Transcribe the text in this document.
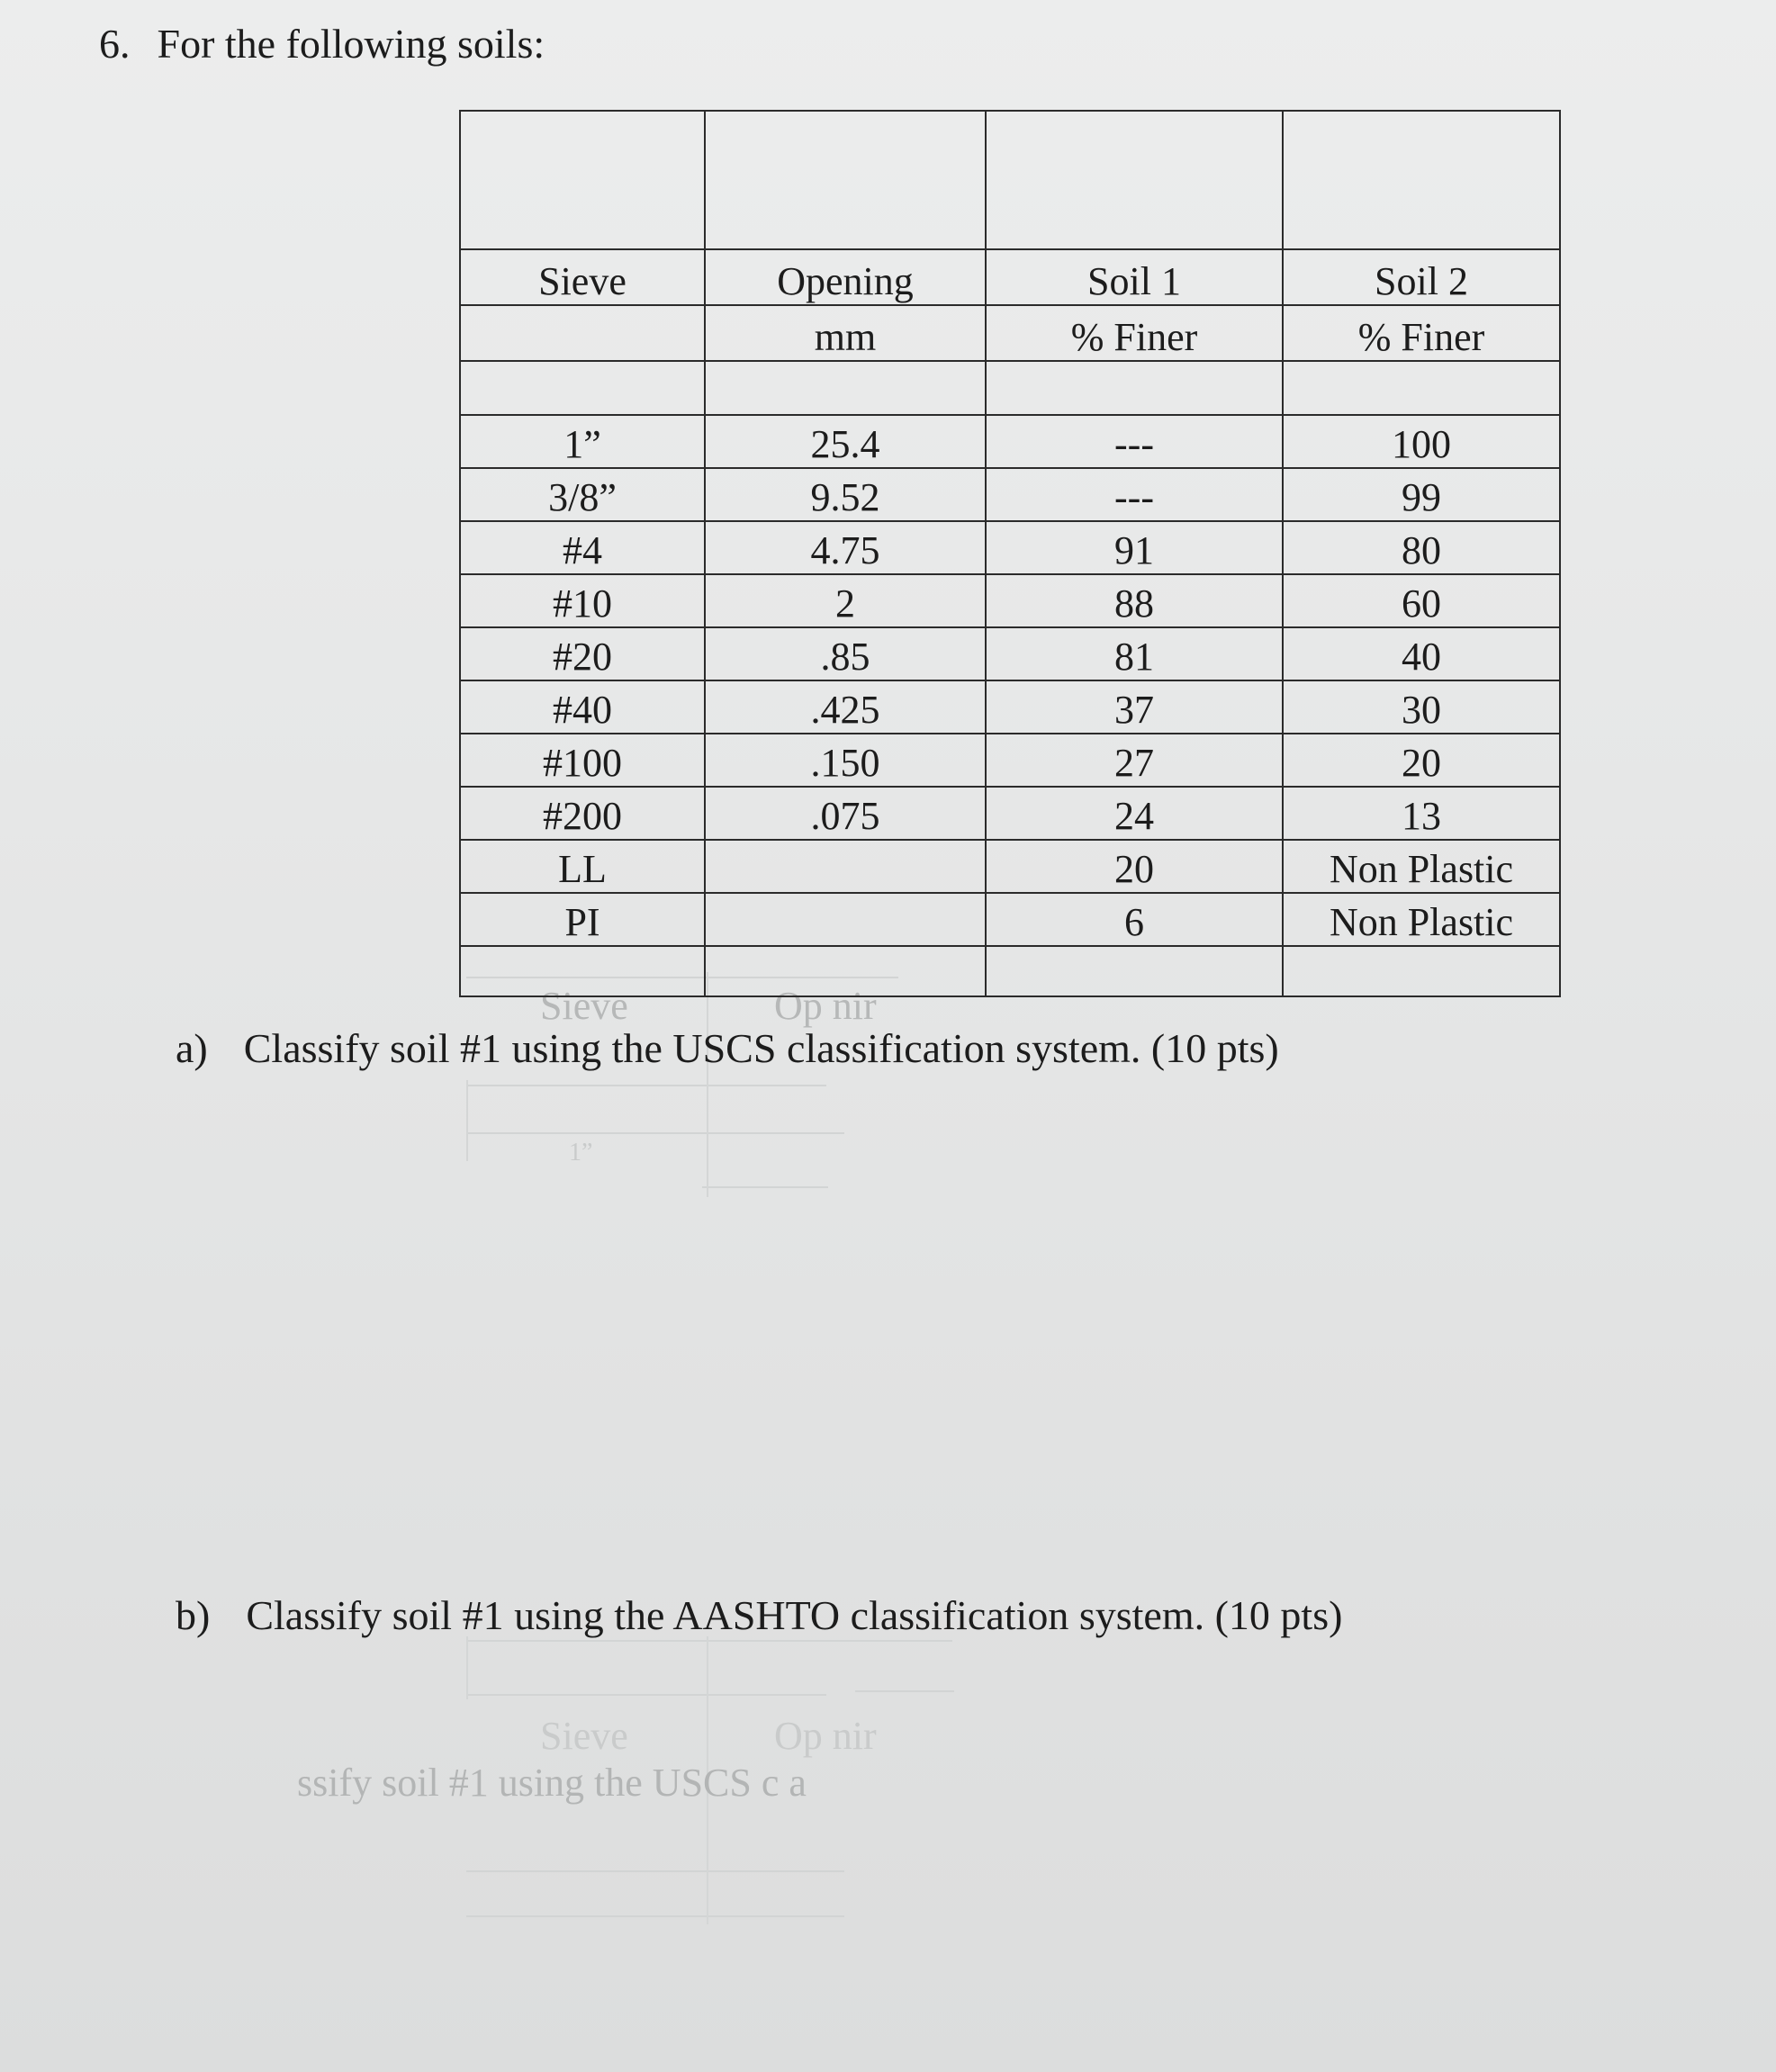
Sieve	Op nir
1”
Sieve	Op nir
ssify soil #1 using the USCS c a
6. For the following soils:

Sieve	Opening	Soil 1	Soil 2
	mm	% Finer	% Finer

1”	25.4	---	100
3/8”	9.52	---	99
#4	4.75	91	80
#10	2	88	60
#20	.85	81	40
#40	.425	37	30
#100	.150	27	20
#200	.075	24	13
LL		20	Non Plastic
PI		6	Non Plastic

a) Classify soil #1 using the USCS classification system. (10 pts)
b) Classify soil #1 using the AASHTO classification system. (10 pts)
